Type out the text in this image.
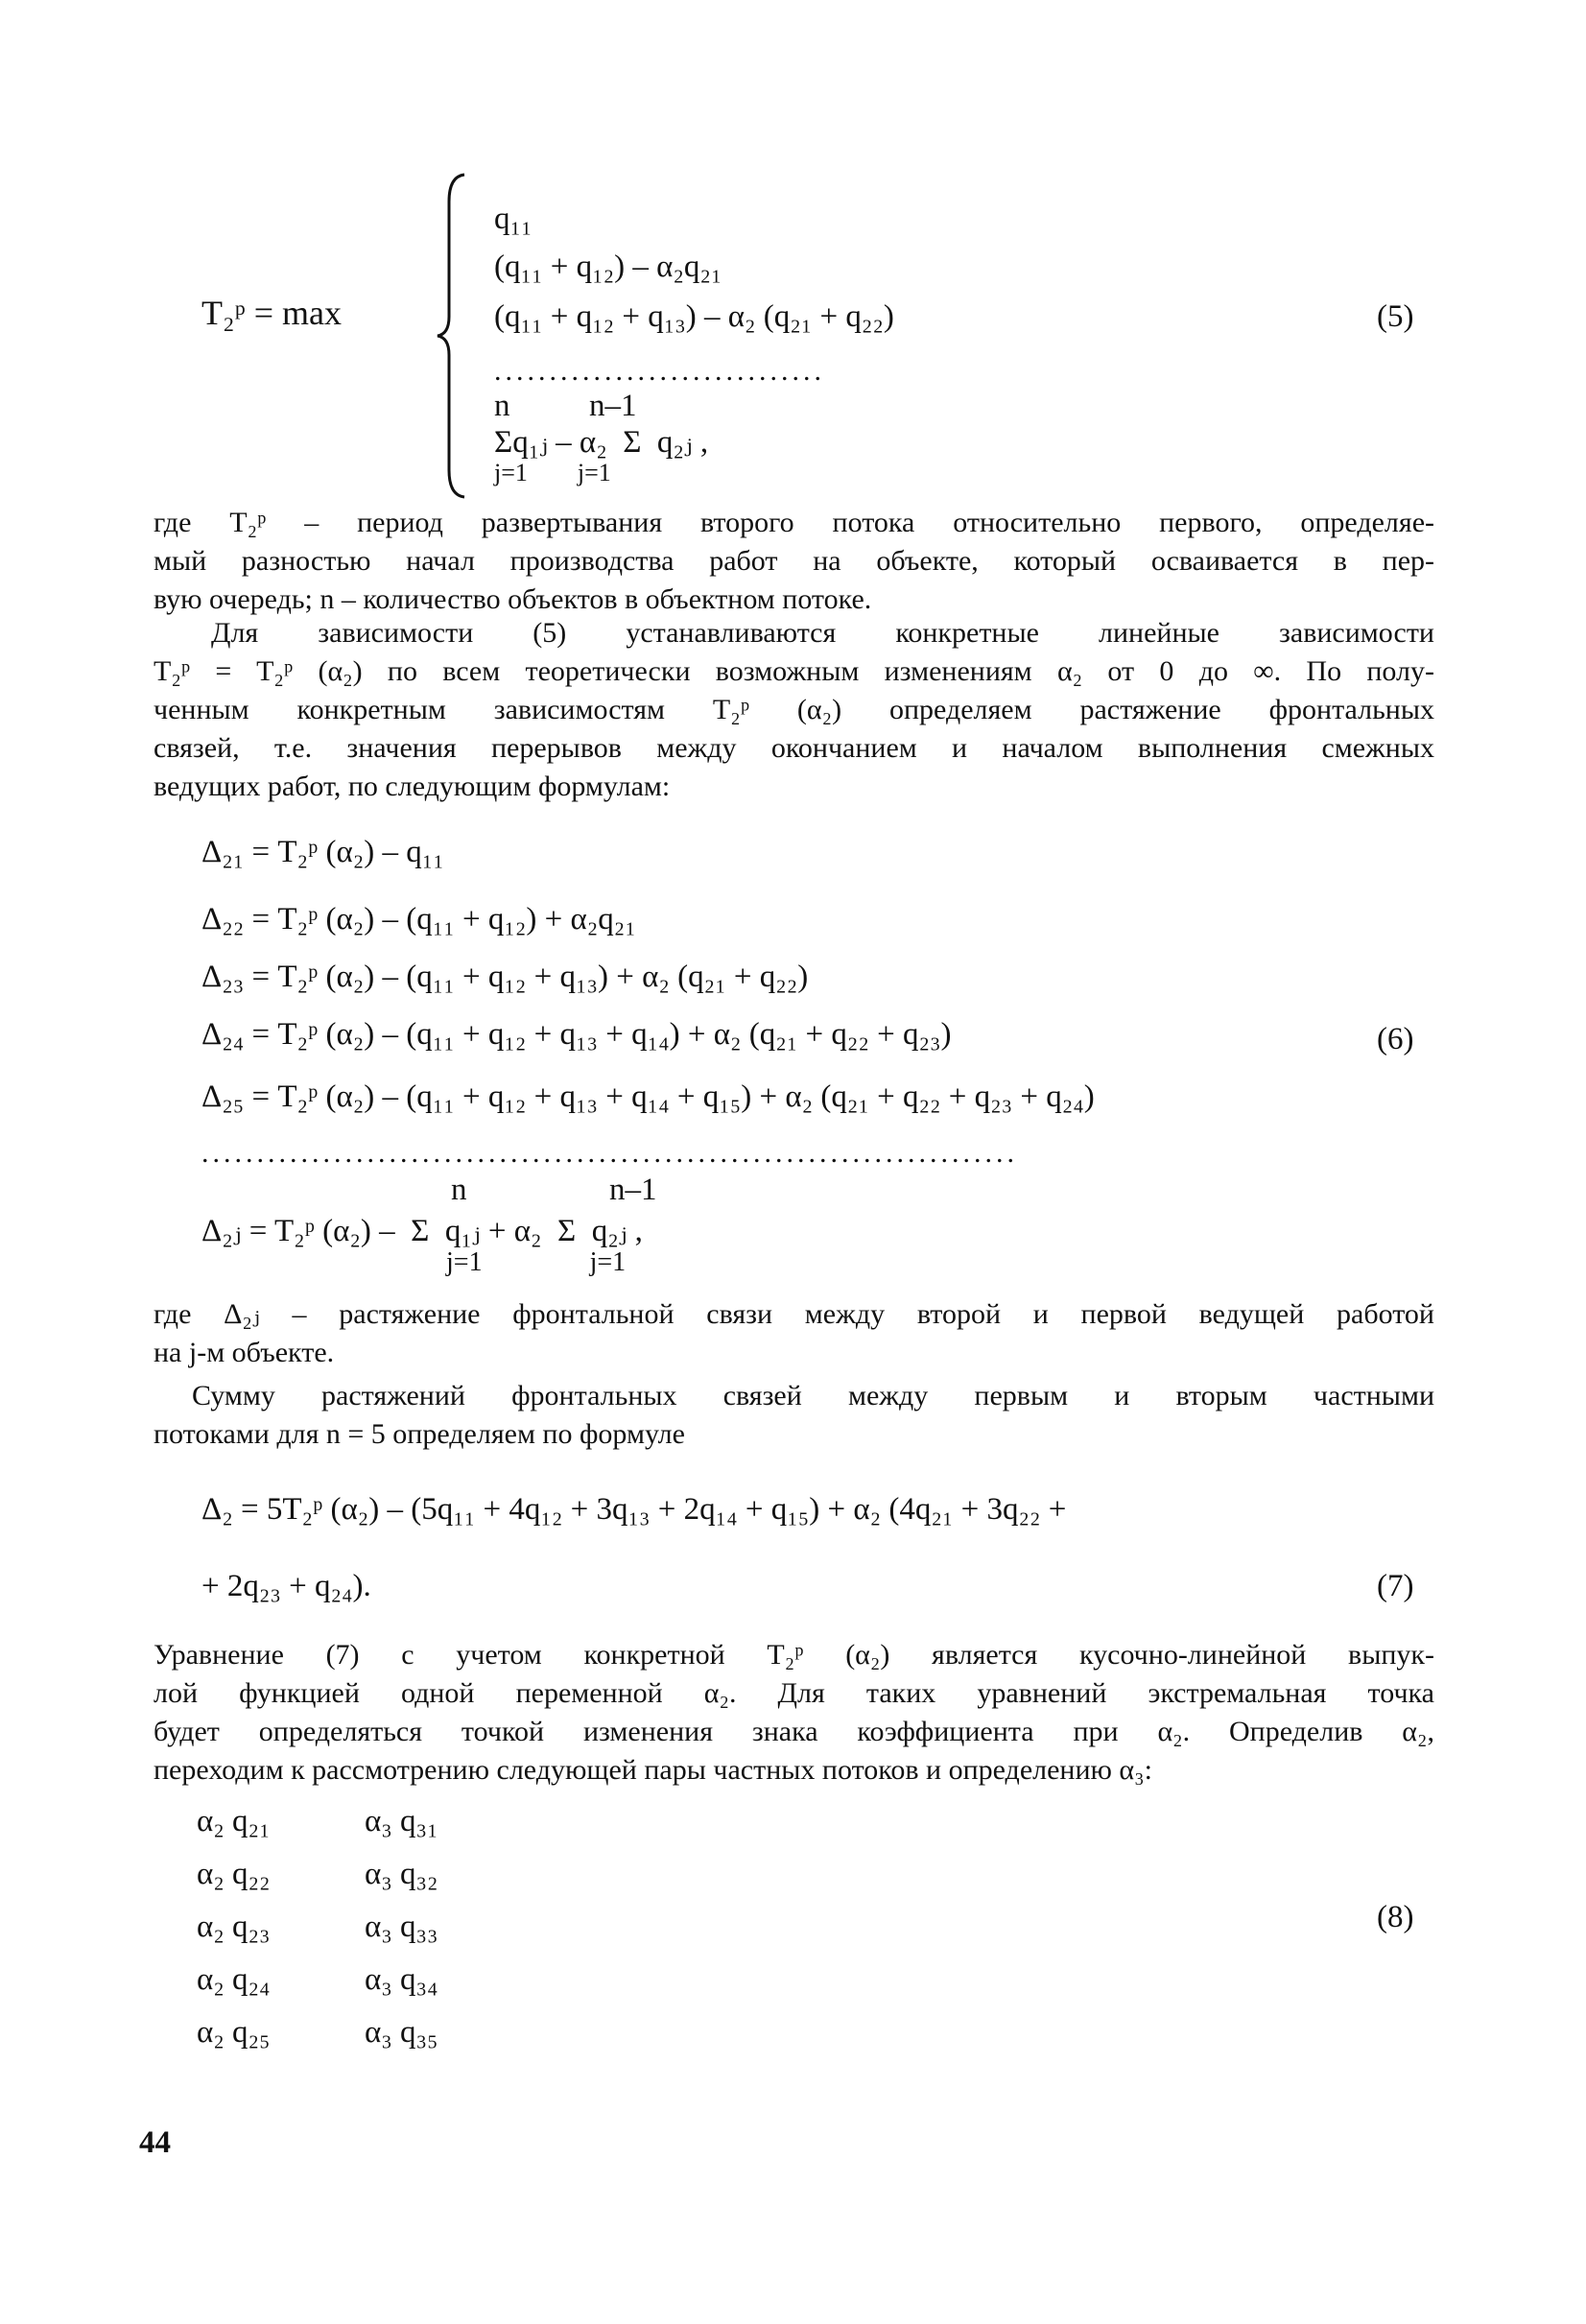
T₂ᵖ = max
q₁₁
(q₁₁ + q₁₂) – α₂q₂₁
(q₁₁ + q₁₂ + q₁₃) – α₂ (q₂₁ + q₂₂)
..............................
n          n–1
Σq₁ⱼ – α₂  Σ  q₂ⱼ ,
j=1        j=1
(5)
где T₂ᵖ – период развертывания второго потока относительно первого, определяе-
мый разностью начал производства работ на объекте, который осваивается в пер-
вую очередь; n – количество объектов в объектном потоке.
Для зависимости (5) устанавливаются конкретные линейные зависимости
T₂ᵖ = T₂ᵖ (α₂) по всем теоретически возможным изменениям α₂ от 0 до ∞. По полу-
ченным конкретным зависимостям T₂ᵖ (α₂) определяем растяжение фронтальных
связей, т.е. значения перерывов между окончанием и началом выполнения смежных
ведущих работ, по следующим формулам:
Δ₂₁ = T₂ᵖ (α₂) – q₁₁
Δ₂₂ = T₂ᵖ (α₂) – (q₁₁ + q₁₂) + α₂q₂₁
Δ₂₃ = T₂ᵖ (α₂) – (q₁₁ + q₁₂ + q₁₃) + α₂ (q₂₁ + q₂₂)
Δ₂₄ = T₂ᵖ (α₂) – (q₁₁ + q₁₂ + q₁₃ + q₁₄) + α₂ (q₂₁ + q₂₂ + q₂₃)
Δ₂₅ = T₂ᵖ (α₂) – (q₁₁ + q₁₂ + q₁₃ + q₁₄ + q₁₅) + α₂ (q₂₁ + q₂₂ + q₂₃ + q₂₄)
..........................................................................
n                  n–1
Δ₂ⱼ = T₂ᵖ (α₂) –  Σ  q₁ⱼ + α₂  Σ  q₂ⱼ ,
j=1                j=1
(6)
где Δ₂ⱼ – растяжение фронтальной связи между второй и первой ведущей работой
на j-м объекте.
Сумму растяжений фронтальных связей между первым и вторым частными
потоками для n = 5 определяем по формуле
Δ₂ = 5T₂ᵖ (α₂) – (5q₁₁ + 4q₁₂ + 3q₁₃ + 2q₁₄ + q₁₅) + α₂ (4q₂₁ + 3q₂₂ +
+ 2q₂₃ + q₂₄).	(7)
Уравнение (7) с учетом конкретной T₂ᵖ (α₂) является кусочно-линейной выпук-
лой функцией одной переменной α₂. Для таких уравнений экстремальная точка
будет определяться точкой изменения знака коэффициента при α₂. Определив α₂,
переходим к рассмотрению следующей пары частных потоков и определению α₃:
α₂ q₂₁
α₂ q₂₂
α₂ q₂₃
α₂ q₂₄
α₂ q₂₅
α₃ q₃₁
α₃ q₃₂
α₃ q₃₃
α₃ q₃₄
α₃ q₃₅
(8)
44
